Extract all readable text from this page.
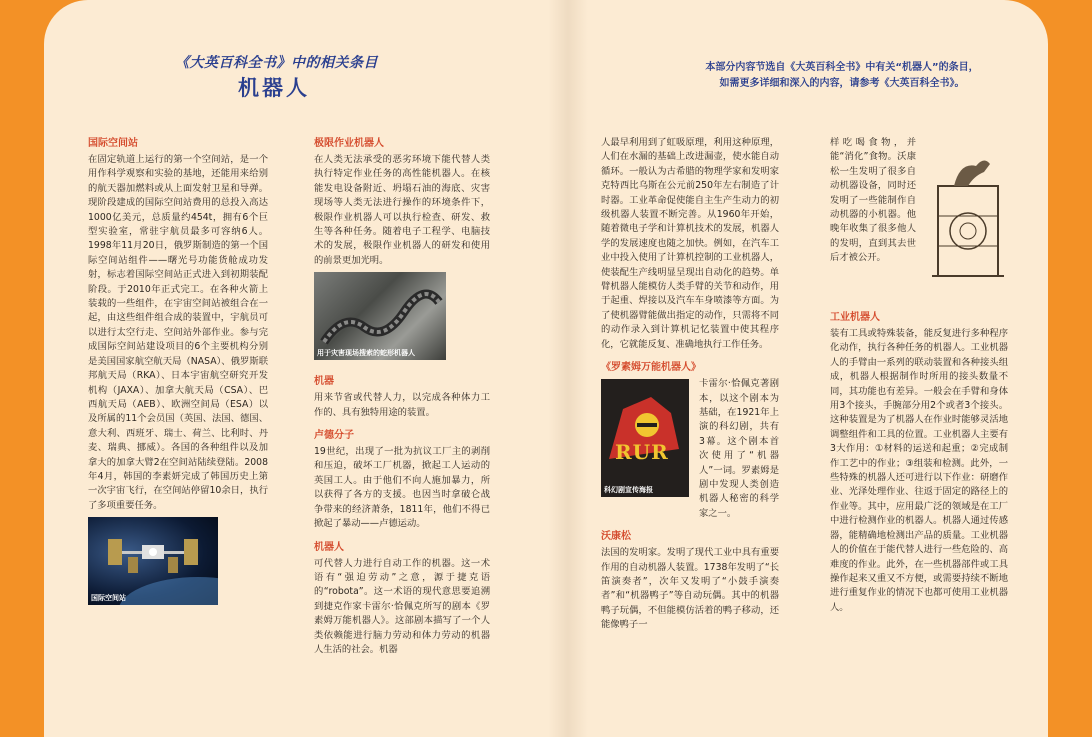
《大英百科全书》中的相关条目
机器人
本部分内容节选自《大英百科全书》中有关“机器人”的条目，
如需更多详细和深入的内容，请参考《大英百科全书》。
国际空间站

在固定轨道上运行的第一个空间站，是一个用作科学观察和实验的基地，还能用来给别的航天器加燃料或从上面发射卫星和导弹。现阶段建成的国际空间站费用的总投入高达1000亿美元，总质量约454t，拥有6个巨型实验室，常驻宇航员最多可容纳6人。1998年11月20日，俄罗斯制造的第一个国际空间站组件——曙光号功能货舱成功发射，标志着国际空间站正式进入到初期装配阶段。于2010年正式完工。在各种火箭上装载的一些组件，在宇宙空间站被组合在一起，由这些组件组合成的装置中，宇航员可以进行太空行走、空间站外部作业。参与完成国际空间站建设项目的6个主要机构分别是美国国家航空航天局（NASA）、俄罗斯联邦航天局（RKA）、日本宇宙航空研究开发机构（JAXA）、加拿大航天局（CSA）、巴西航天局（AEB）、欧洲空间局（ESA）以及所属的11个会员国（英国、法国、德国、意大利、西班牙、瑞士、荷兰、比利时、丹麦、瑞典、挪威）。各国的各种组件以及加拿大的加拿大臂2在空间站陆续登陆。2008年4月，韩国的李素妍完成了韩国历史上第一次宇宙飞行，在空间站停留10余日，执行了多项重要任务。

国际空间站
极限作业机器人

在人类无法承受的恶劣环境下能代替人类执行特定作业任务的高性能机器人。在核能发电设备附近、坍塌石油的海底、灾害现场等人类无法进行操作的环境条件下，极限作业机器人可以执行检查、研发、救生等各种任务。随着电子工程学、电脑技术的发展，极限作业机器人的研发和使用的前景更加光明。

用于灾害现场搜索的蛇形机器人
机器

用来节省或代替人力，以完成各种体力工作的、具有独特用途的装置。

卢德分子

19世纪，出现了一批为抗议工厂主的剥削和压迫，破坏工厂机器，掀起工人运动的英国工人。由于他们不向人施加暴力，所以获得了各方的支援。也因当时拿破仑战争带来的经济萧条，1811年，他们不得已掀起了暴动——卢德运动。

机器人

可代替人力进行自动工作的机器。这一术语有“强迫劳动”之意，源于捷克语的“robota”。这一术语的现代意思要追溯到捷克作家卡雷尔·恰佩克所写的剧本《罗素姆万能机器人》。这部剧本描写了一个人类依赖能进行脑力劳动和体力劳动的机器人生活的社会。机器

人最早利用到了虹吸原理，利用这种原理，人们在水漏的基础上改进漏壶，使水能自动循环。一般认为古希腊的物理学家和发明家克特西比乌斯在公元前250年左右制造了计时器。工业革命促使能自主生产生动力的初级机器人装置不断完善。从1960年开始，随着微电子学和计算机技术的发展，机器人学的发展速度也随之加快。例如，在汽车工业中投入使用了计算机控制的工业机器人，使装配生产线明显呈现出自动化的趋势。单臂机器人能模仿人类手臂的关节和动作，用于起重、焊接以及汽车车身喷漆等方面。为了使机器臂能做出指定的动作，只需将不同的动作录入到计算机记忆装置中使其程序化，它就能反复、准确地执行工作任务。

《罗素姆万能机器人》
RUR
科幻剧宣传海报

卡雷尔·恰佩克著剧本，以这个剧本为基础，在1921年上演的科幻剧，共有3幕。这个剧本首次使用了“机器人”一词。罗素姆是剧中发现人类创造机器人秘密的科学家之一。

沃康松

法国的发明家。发明了现代工业中具有重要作用的自动机器人装置。1738年发明了“长笛演奏者”，次年又发明了“小鼓手演奏者”和“机器鸭子”等自动玩偶。其中的机器鸭子玩偶，不但能模仿活着的鸭子移动，还能像鸭子一

样吃喝食物，并能“消化”食物。沃康松一生发明了很多自动机器设备，同时还发明了一些能制作自动机器的小机器。他晚年收集了很多他人的发明，直到其去世后才被公开。

工业机器人

装有工具或特殊装备，能反复进行多种程序化动作，执行各种任务的机器人。工业机器人的手臂由一系列的联动装置和各种接头组成，机器人根据制作时所用的接头数量不同，其功能也有差异。一般会在手臂和身体用3个接头，手腕部分用2个或者3个接头。这种装置是为了机器人在作业时能够灵活地调整组件和工具的位置。工业机器人主要有3大作用：①材料的运送和起重；②完成制作工艺中的作业；③组装和检测。此外，一些特殊的机器人还可进行以下作业：研磨作业、光泽处理作业、往返于固定的路径上的作业等。其中，应用最广泛的领域是在工厂中进行检测作业的机器人。机器人通过传感器，能精确地检测出产品的质量。工业机器人的价值在于能代替人进行一些危险的、高难度的作业。此外，在一些机器部件或工具操作起来又重又不方便，或需要持续不断地进行重复作业的情况下也都可使用工业机器人。
